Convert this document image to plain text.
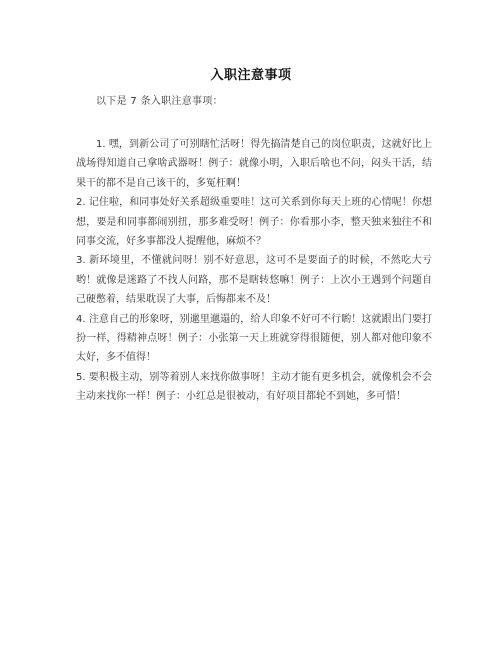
入职注意事项
以下是 7 条入职注意事项：

1. 嘿，到新公司了可别瞎忙活呀！得先搞清楚自己的岗位职责，这就好比上战场得知道自己拿啥武器呀！例子：就像小明，入职后啥也不问，闷头干活，结果干的都不是自己该干的，多冤枉啊！

2. 记住啦，和同事处好关系超级重要哇！这可关系到你每天上班的心情呢！你想想，要是和同事都闹别扭，那多难受呀！例子：你看那小李，整天独来独往不和同事交流，好多事都没人提醒他，麻烦不？

3. 新环境里，不懂就问呀！别不好意思，这可不是要面子的时候，不然吃大亏哟！就像是迷路了不找人问路，那不是瞎转悠嘛！例子：上次小王遇到个问题自己硬憋着，结果耽误了大事，后悔都来不及！

4. 注意自己的形象呀，别邋里邋遢的，给人印象不好可不行喲！这就跟出门要打扮一样，得精神点呀！例子：小张第一天上班就穿得很随便，别人都对他印象不太好，多不值得！

5. 要积极主动，别等着别人来找你做事呀！主动才能有更多机会，就像机会不会主动来找你一样！例子：小红总是很被动，有好项目都轮不到她，多可惜！
